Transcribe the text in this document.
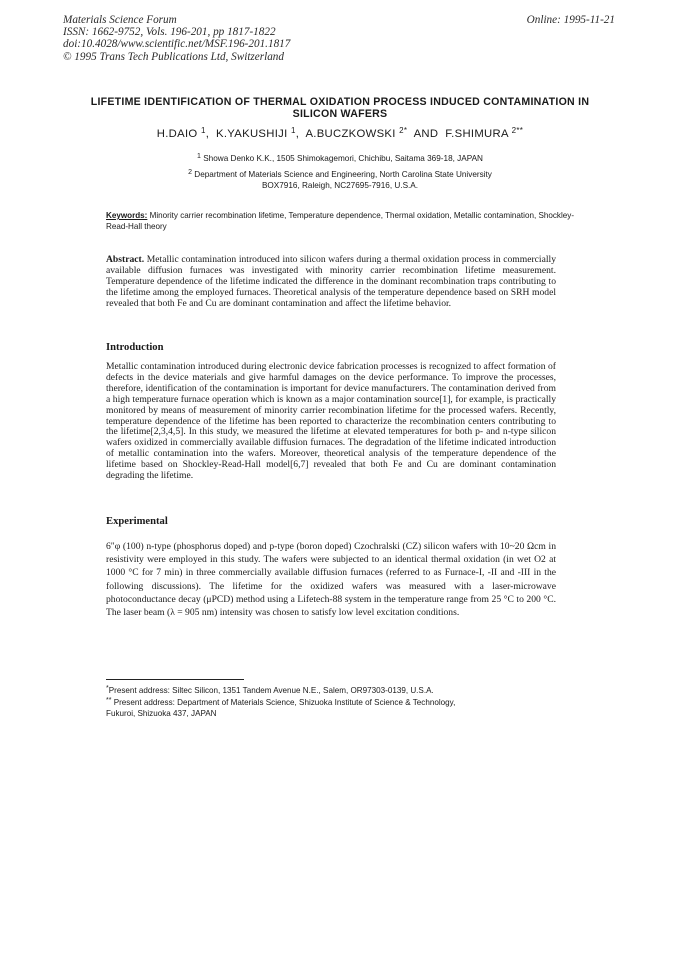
Materials Science Forum
ISSN: 1662-9752, Vols. 196-201, pp 1817-1822
doi:10.4028/www.scientific.net/MSF.196-201.1817
© 1995 Trans Tech Publications Ltd, Switzerland
Online: 1995-11-21
LIFETIME IDENTIFICATION OF THERMAL OXIDATION PROCESS INDUCED CONTAMINATION IN SILICON WAFERS
H.DAIO $^1$,  K.YAKUSHIJI $^1$,  A.BUCZKOWSKI $^{2*}$ AND F.SHIMURA $^{2**}$
$^1$ Showa Denko K.K., 1505 Shimokagemori, Chichibu, Saitama 369-18, JAPAN
$^2$ Department of Materials Science and Engineering, North Carolina State University
BOX7916, Raleigh, NC27695-7916, U.S.A.
Keywords: Minority carrier recombination lifetime, Temperature dependence, Thermal oxidation, Metallic contamination, Shockley-Read-Hall theory
Abstract. Metallic contamination introduced into silicon wafers during a thermal oxidation process in commercially available diffusion furnaces was investigated with minority carrier recombination lifetime measurement. Temperature dependence of the lifetime indicated the difference in the dominant recombination traps contributing to the lifetime among the employed furnaces. Theoretical analysis of the temperature dependence based on SRH model revealed that both Fe and Cu are dominant contamination and affect the lifetime behavior.
Introduction
Metallic contamination introduced during electronic device fabrication processes is recognized to affect formation of defects in the device materials and give harmful damages on the device performance. To improve the processes, therefore, identification of the contamination is important for device manufacturers. The contamination derived from a high temperature furnace operation which is known as a major contamination source[1], for example, is practically monitored by means of measurement of minority carrier recombination lifetime for the processed wafers. Recently, temperature dependence of the lifetime has been reported to characterize the recombination centers contributing to the lifetime[2,3,4,5]. In this study, we measured the lifetime at elevated temperatures for both p- and n-type silicon wafers oxidized in commercially available diffusion furnaces. The degradation of the lifetime indicated introduction of metallic contamination into the wafers. Moreover, theoretical analysis of the temperature dependence of the lifetime based on Shockley-Read-Hall model[6,7] revealed that both Fe and Cu are dominant contamination degrading the lifetime.
Experimental
6"φ (100) n-type (phosphorus doped) and p-type (boron doped) Czochralski (CZ) silicon wafers with 10~20 Ωcm in resistivity were employed in this study. The wafers were subjected to an identical thermal oxidation (in wet O2 at 1000 °C for 7 min) in three commercially available diffusion furnaces (referred to as Furnace-I, -II and -III in the following discussions). The lifetime for the oxidized wafers was measured with a laser-microwave photoconductance decay (μPCD) method using a Lifetech-88 system in the temperature range from 25 °C to 200 °C. The laser beam (λ = 905 nm) intensity was chosen to satisfy low level excitation conditions.
*Present address: Siltec Silicon, 1351 Tandem Avenue N.E., Salem, OR97303-0139, U.S.A.
** Present address: Department of Materials Science, Shizuoka Institute of Science & Technology,
Fukuroi, Shizuoka 437, JAPAN
